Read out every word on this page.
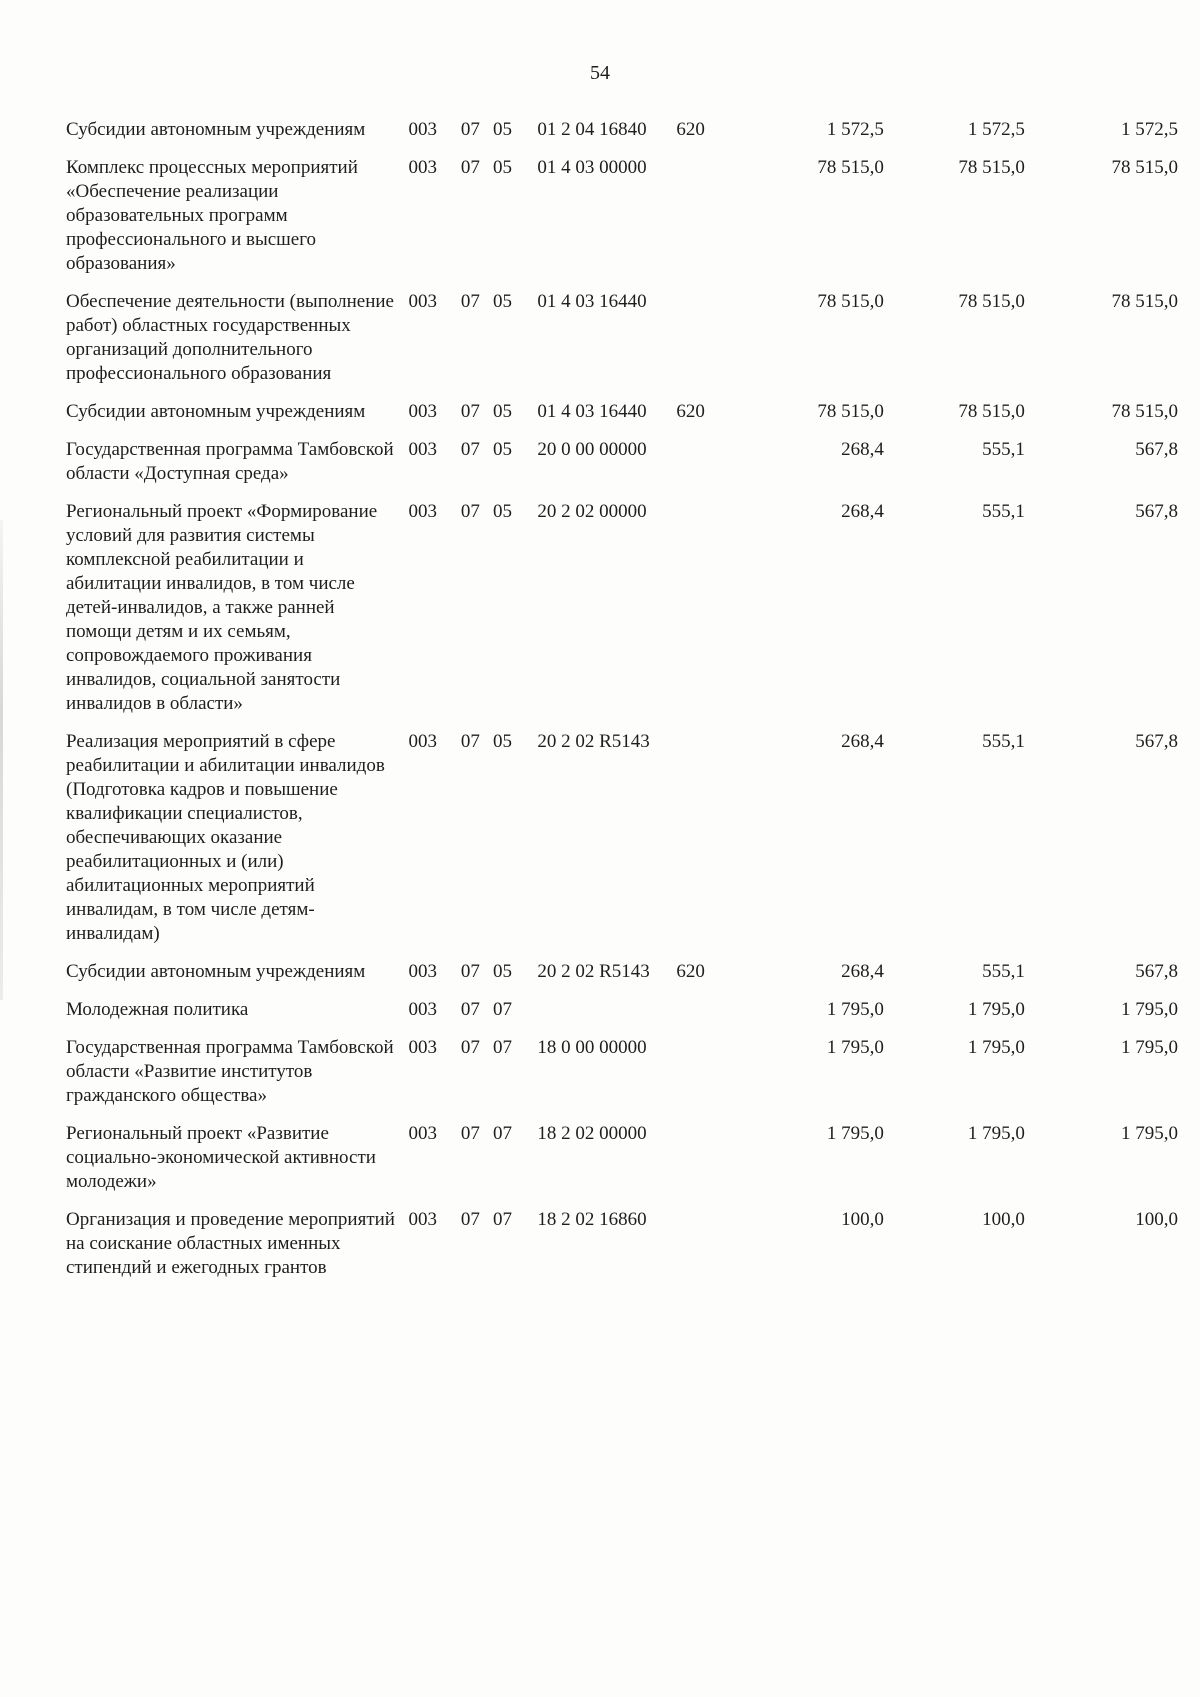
54
Субсидии автономным учреждениям	003	07	05	01 2 04 16840	620	1 572,5	1 572,5	1 572,5
Комплекс процессных мероприятий «Обеспечение реализации образовательных программ профессионального и высшего образования»	003	07	05	01 4 03 00000		78 515,0	78 515,0	78 515,0
Обеспечение деятельности (выполнение работ) областных государственных организаций дополнительного профессионального образования	003	07	05	01 4 03 16440		78 515,0	78 515,0	78 515,0
Субсидии автономным учреждениям	003	07	05	01 4 03 16440	620	78 515,0	78 515,0	78 515,0
Государственная программа Тамбовской области «Доступная среда»	003	07	05	20 0 00 00000		268,4	555,1	567,8
Региональный проект «Формирование условий для развития системы комплексной реабилитации и абилитации инвалидов, в том числе детей-инвалидов, а также ранней помощи детям и их семьям, сопровождаемого проживания инвалидов, социальной занятости инвалидов в области»	003	07	05	20 2 02 00000		268,4	555,1	567,8
Реализация мероприятий в сфере реабилитации и абилитации инвалидов (Подготовка кадров и повышение квалификации специалистов, обеспечивающих оказание реабилитационных и (или) абилитационных мероприятий инвалидам, в том числе детям-инвалидам)	003	07	05	20 2 02 R5143		268,4	555,1	567,8
Субсидии автономным учреждениям	003	07	05	20 2 02 R5143	620	268,4	555,1	567,8
Молодежная политика	003	07	07			1 795,0	1 795,0	1 795,0
Государственная программа Тамбовской области «Развитие институтов гражданского общества»	003	07	07	18 0 00 00000		1 795,0	1 795,0	1 795,0
Региональный проект «Развитие социально-экономической активности молодежи»	003	07	07	18 2 02 00000		1 795,0	1 795,0	1 795,0
Организация и проведение мероприятий на соискание областных именных стипендий и ежегодных грантов	003	07	07	18 2 02 16860		100,0	100,0	100,0
